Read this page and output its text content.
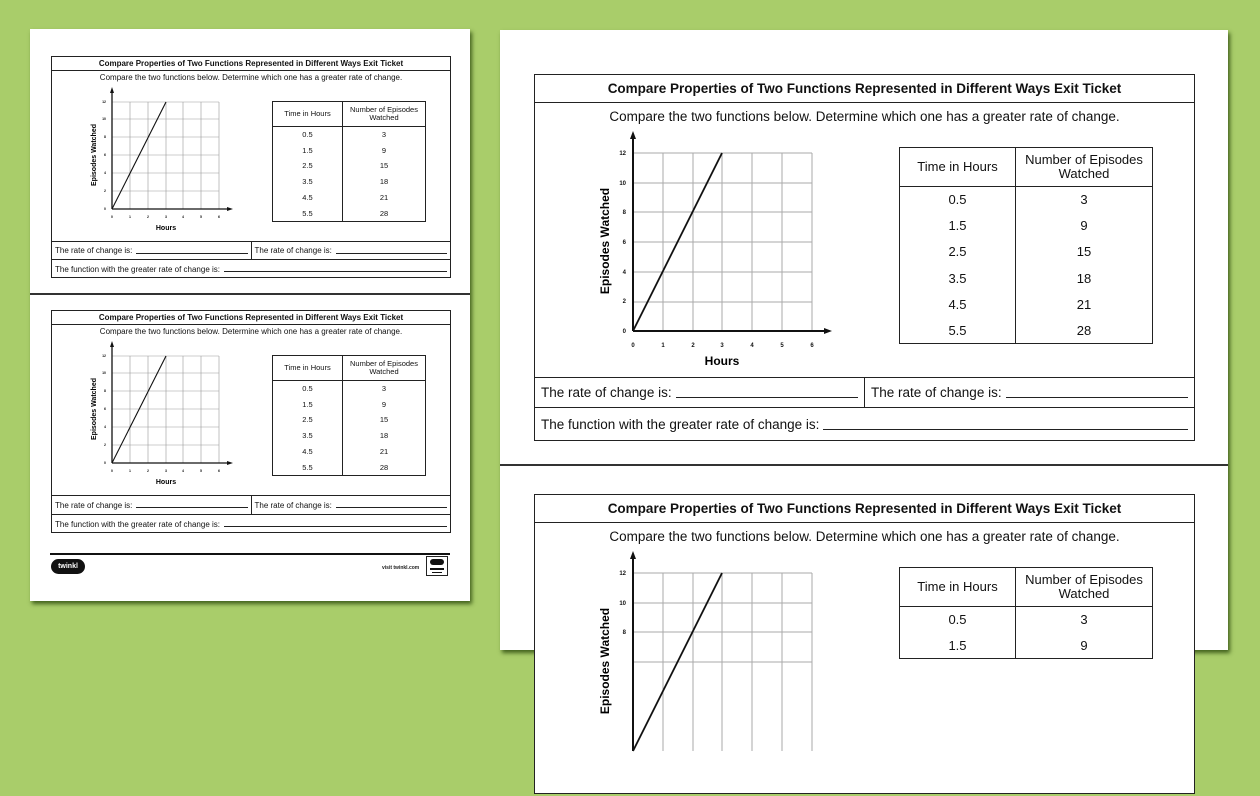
Compare Properties of Two Functions Represented in Different Ways Exit Ticket
Compare the two functions below. Determine which one has a greater rate of change.
0
2
4
6
8
10
12
0	1	2	3	4	5	6
Hours
Episodes Watched
Time in Hours	Number of Episodes Watched
0.5	3
1.5	9
2.5	15
3.5	18
4.5	21
5.5	28
The rate of change is:	The rate of change is:
The function with the greater rate of change is:
Compare Properties of Two Functions Represented in Different Ways Exit Ticket
Compare the two functions below. Determine which one has a greater rate of change.
0
2
4
6
8
10
12
0	1	2	3	4	5	6
Hours
Episodes Watched
Time in Hours	Number of Episodes Watched
0.5	3
1.5	9
2.5	15
3.5	18
4.5	21
5.5	28
The rate of change is:	The rate of change is:
The function with the greater rate of change is:
twinkl	visit twinkl.com
Compare Properties of Two Functions Represented in Different Ways Exit Ticket
Compare the two functions below. Determine which one has a greater rate of change.
0
2
4
6
8
10
12
0	1	2	3	4	5	6
Hours
Episodes Watched
Time in Hours	Number of Episodes Watched
0.5	3
1.5	9
2.5	15
3.5	18
4.5	21
5.5	28
The rate of change is:	The rate of change is:
The function with the greater rate of change is:
Compare Properties of Two Functions Represented in Different Ways Exit Ticket
Compare the two functions below. Determine which one has a greater rate of change.
8
10
12
Episodes Watched
Time in Hours	Number of Episodes Watched
0.5	3
1.5	9
